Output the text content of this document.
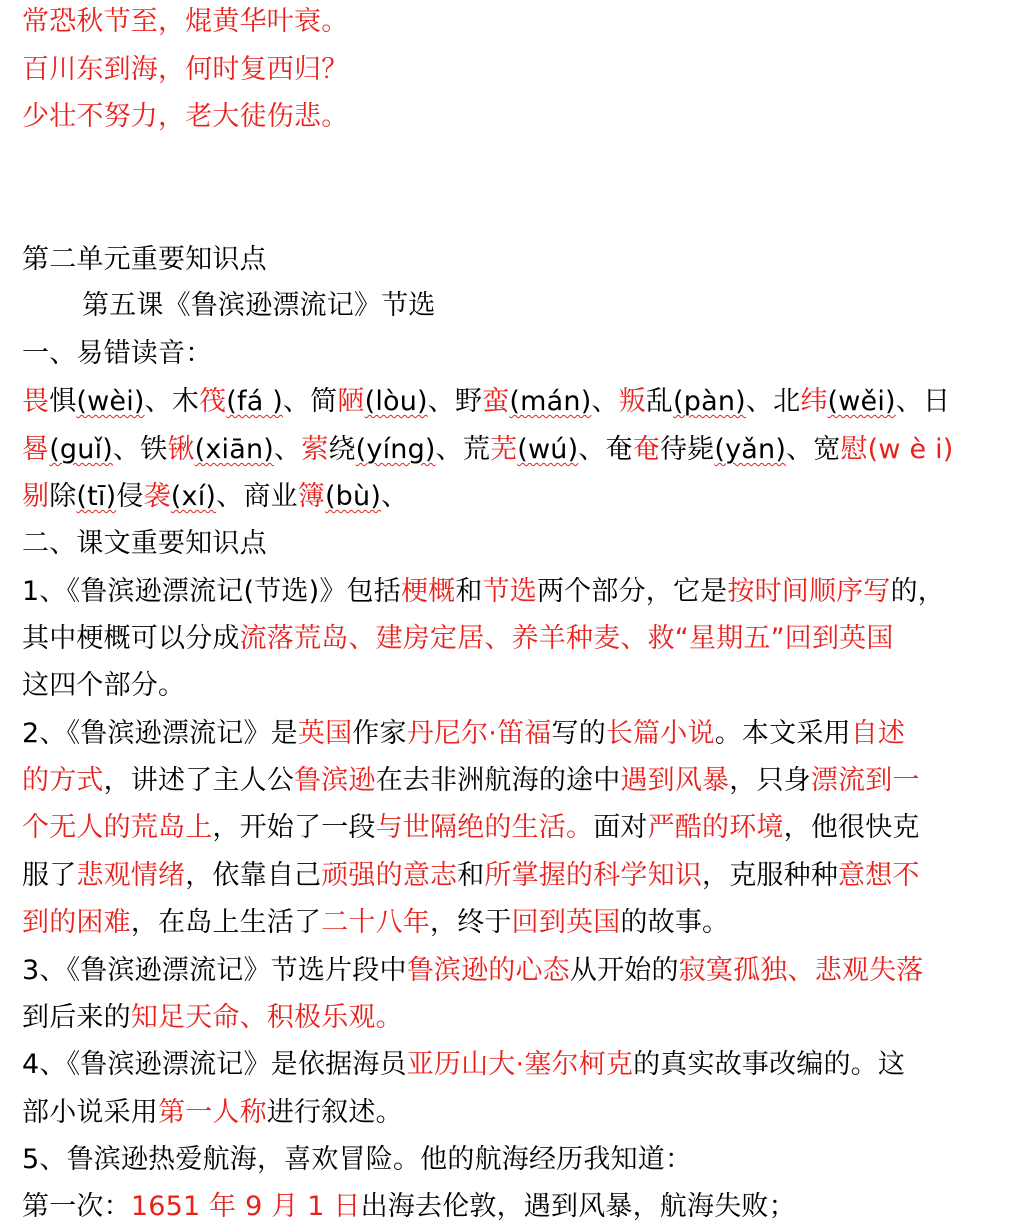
常恐秋节至，焜黄华叶衰。
百川东到海，何时复西归？
少壮不努力，老大徒伤悲。
第二单元重要知识点
第五课《鲁滨逊漂流记》节选
一、易错读音：
畏惧(wèi)、木筏(fá )、简陋(lòu)、野蛮(mán)、叛乱(pàn)、北纬(wěi)、日
晷(guǐ)、铁锹(xiān)、萦绕(yíng)、荒芜(wú)、奄奄待毙(yǎn)、宽慰(w è i)
剔除(tī)侵袭(xí)、商业簿(bù)、
二、课文重要知识点
1、《鲁滨逊漂流记(节选)》包括梗概和节选两个部分，它是按时间顺序写的，
其中梗概可以分成流落荒岛、建房定居、养羊种麦、救“星期五”回到英国
这四个部分。
2、《鲁滨逊漂流记》是英国作家丹尼尔·笛福写的长篇小说。本文采用自述
的方式，讲述了主人公鲁滨逊在去非洲航海的途中遇到风暴，只身漂流到一
个无人的荒岛上，开始了一段与世隔绝的生活。面对严酷的环境，他很快克
服了悲观情绪，依靠自己顽强的意志和所掌握的科学知识，克服种种意想不
到的困难，在岛上生活了二十八年，终于回到英国的故事。
3、《鲁滨逊漂流记》节选片段中鲁滨逊的心态从开始的寂寞孤独、悲观失落
到后来的知足天命、积极乐观。
4、《鲁滨逊漂流记》是依据海员亚历山大·塞尔柯克的真实故事改编的。这
部小说采用第一人称进行叙述。
5、鲁滨逊热爱航海，喜欢冒险。他的航海经历我知道：
第一次：1651 年 9 月 1 日出海去伦敦，遇到风暴，航海失败；
